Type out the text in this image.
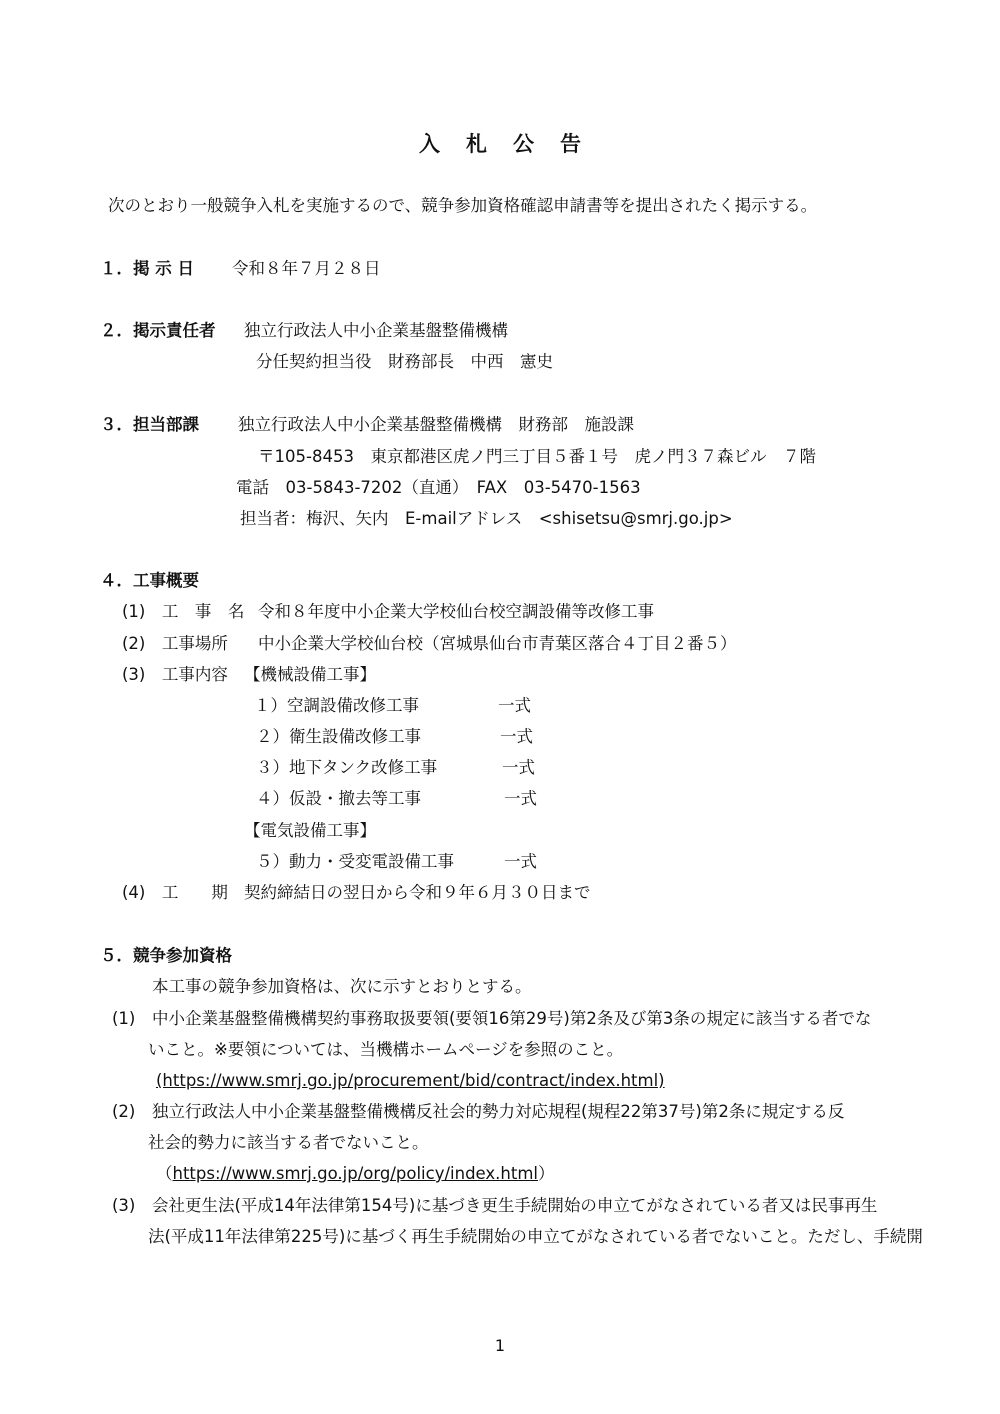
入札公告
次のとおり一般競争入札を実施するので、競争参加資格確認申請書等を提出されたく掲示する。
１．掲 示 日 令和８年７月２８日
２．掲示責任者 独立行政法人中小企業基盤整備機構
分任契約担当役　財務部長　中西　憲史
３．担当部課 独立行政法人中小企業基盤整備機構　財務部　施設課
〒105-8453　東京都港区虎ノ門三丁目５番１号　虎ノ門３７森ビル　７階
電話　03-5843-7202（直通）　FAX　03-5470-1563
担当者：梅沢、矢内　E-mailアドレス　<shisetsu@smrj.go.jp>
４．工事概要
(1)　工　事　名 令和８年度中小企業大学校仙台校空調設備等改修工事
(2)　工事場所 中小企業大学校仙台校（宮城県仙台市青葉区落合４丁目２番５）
(3)　工事内容 【機械設備工事】
１）空調設備改修工事	一式
２）衛生設備改修工事	一式
３）地下タンク改修工事	一式
４）仮設・撤去等工事	一式
【電気設備工事】
５）動力・受変電設備工事	一式
(4)　工　　期 契約締結日の翌日から令和９年６月３０日まで
５．競争参加資格
本工事の競争参加資格は、次に示すとおりとする。
(1) 中小企業基盤整備機構契約事務取扱要領(要領16第29号)第2条及び第3条の規定に該当する者でな
いこと。※要領については、当機構ホームページを参照のこと。
(https://www.smrj.go.jp/procurement/bid/contract/index.html)
(2) 独立行政法人中小企業基盤整備機構反社会的勢力対応規程(規程22第37号)第2条に規定する反
社会的勢力に該当する者でないこと。
（https://www.smrj.go.jp/org/policy/index.html）
(3) 会社更生法(平成14年法律第154号)に基づき更生手続開始の申立てがなされている者又は民事再生
法(平成11年法律第225号)に基づく再生手続開始の申立てがなされている者でないこと。ただし、手続開
1
